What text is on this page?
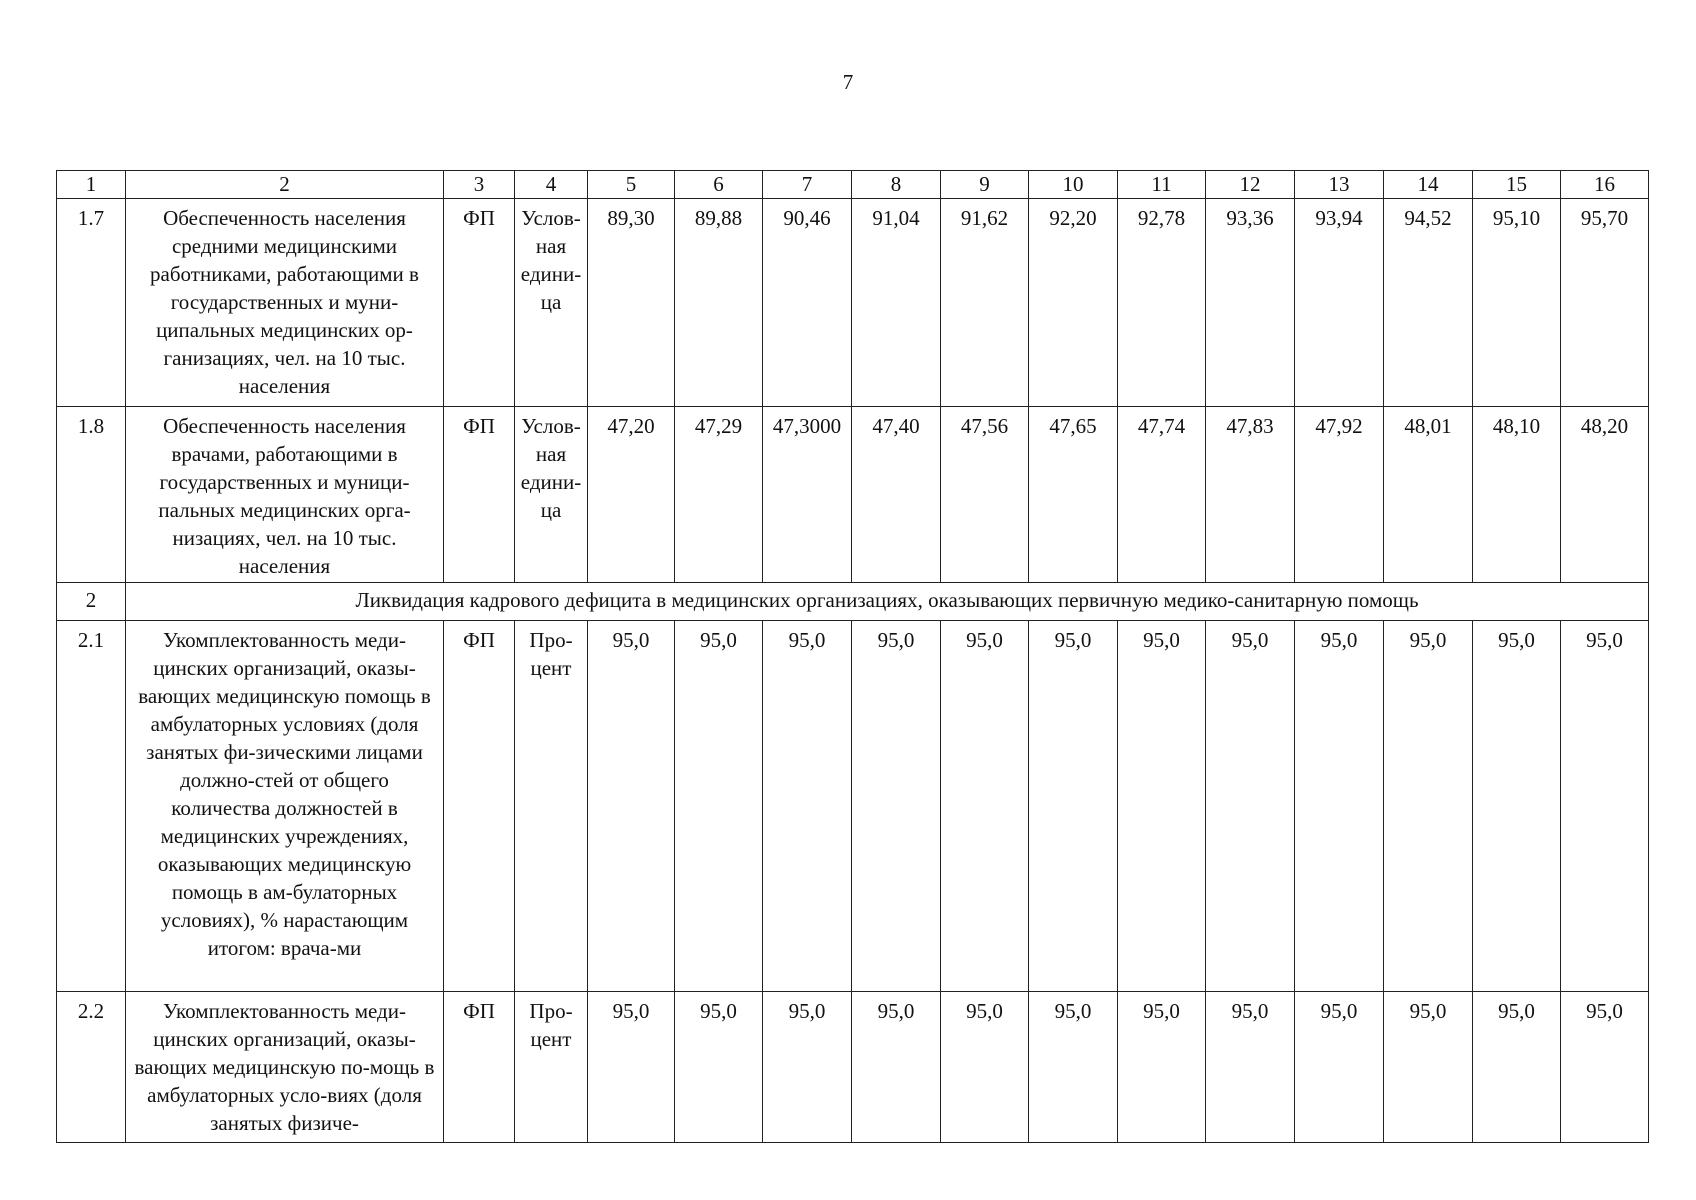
7
1	2	3	4	5	6	7	8	9	10	11	12	13	14	15	16
1.7	Обеспеченность населения средними медицинскими работниками, работающими в государственных и муни-ципальных медицинских ор-ганизациях, чел. на 10 тыс. населения	ФП	Услов-ная едини-ца	89,30	89,88	90,46	91,04	91,62	92,20	92,78	93,36	93,94	94,52	95,10	95,70
1.8	Обеспеченность населения врачами, работающими в государственных и муници-пальных медицинских орга-низациях, чел. на 10 тыс. населения	ФП	Услов-ная едини-ца	47,20	47,29	47,3000	47,40	47,56	47,65	47,74	47,83	47,92	48,01	48,10	48,20
2	Ликвидация кадрового дефицита в медицинских организациях, оказывающих первичную медико-санитарную помощь														
2.1	Укомплектованность меди-цинских организаций, оказы-вающих медицинскую помощь в амбулаторных условиях (доля занятых фи-зическими лицами должно-стей от общего количества должностей в медицинских учреждениях, оказывающих медицинскую помощь в ам-булаторных условиях), % нарастающим итогом: врача-ми	ФП	Про-цент	95,0	95,0	95,0	95,0	95,0	95,0	95,0	95,0	95,0	95,0	95,0	95,0
2.2	Укомплектованность меди-цинских организаций, оказы-вающих медицинскую по-мощь в амбулаторных усло-виях (доля занятых физиче-	ФП	Про-цент	95,0	95,0	95,0	95,0	95,0	95,0	95,0	95,0	95,0	95,0	95,0	95,0
